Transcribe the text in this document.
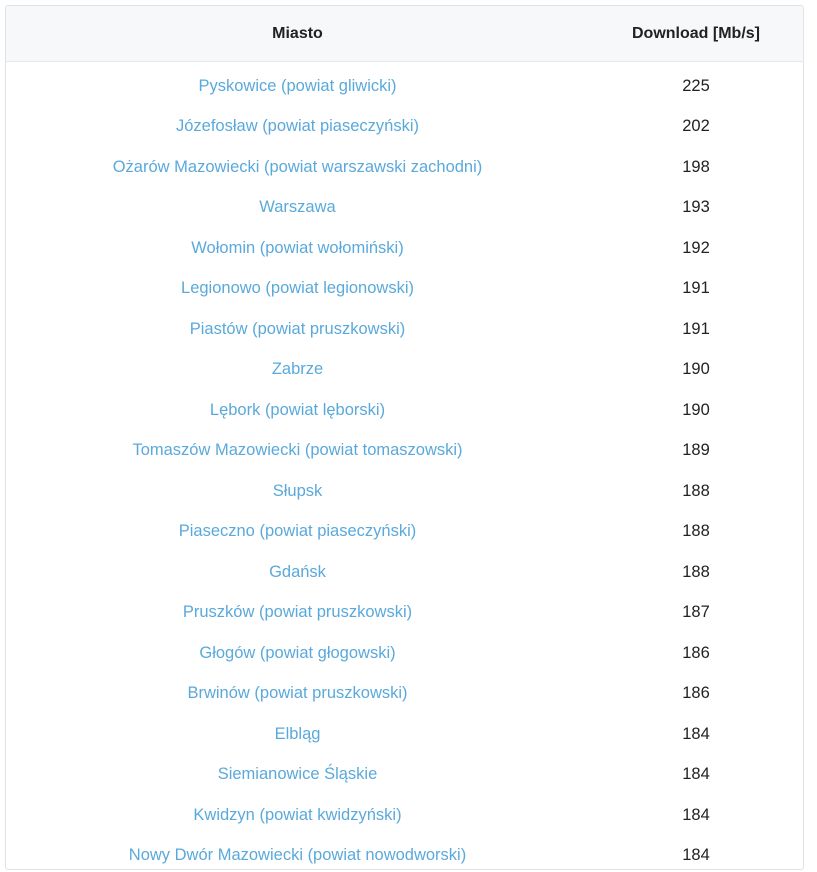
Miasto	Download [Mb/s]
Pyskowice (powiat gliwicki)	225
Józefosław (powiat piaseczyński)	202
Ożarów Mazowiecki (powiat warszawski zachodni)	198
Warszawa	193
Wołomin (powiat wołomiński)	192
Legionowo (powiat legionowski)	191
Piastów (powiat pruszkowski)	191
Zabrze	190
Lębork (powiat lęborski)	190
Tomaszów Mazowiecki (powiat tomaszowski)	189
Słupsk	188
Piaseczno (powiat piaseczyński)	188
Gdańsk	188
Pruszków (powiat pruszkowski)	187
Głogów (powiat głogowski)	186
Brwinów (powiat pruszkowski)	186
Elbląg	184
Siemianowice Śląskie	184
Kwidzyn (powiat kwidzyński)	184
Nowy Dwór Mazowiecki (powiat nowodworski)	184
